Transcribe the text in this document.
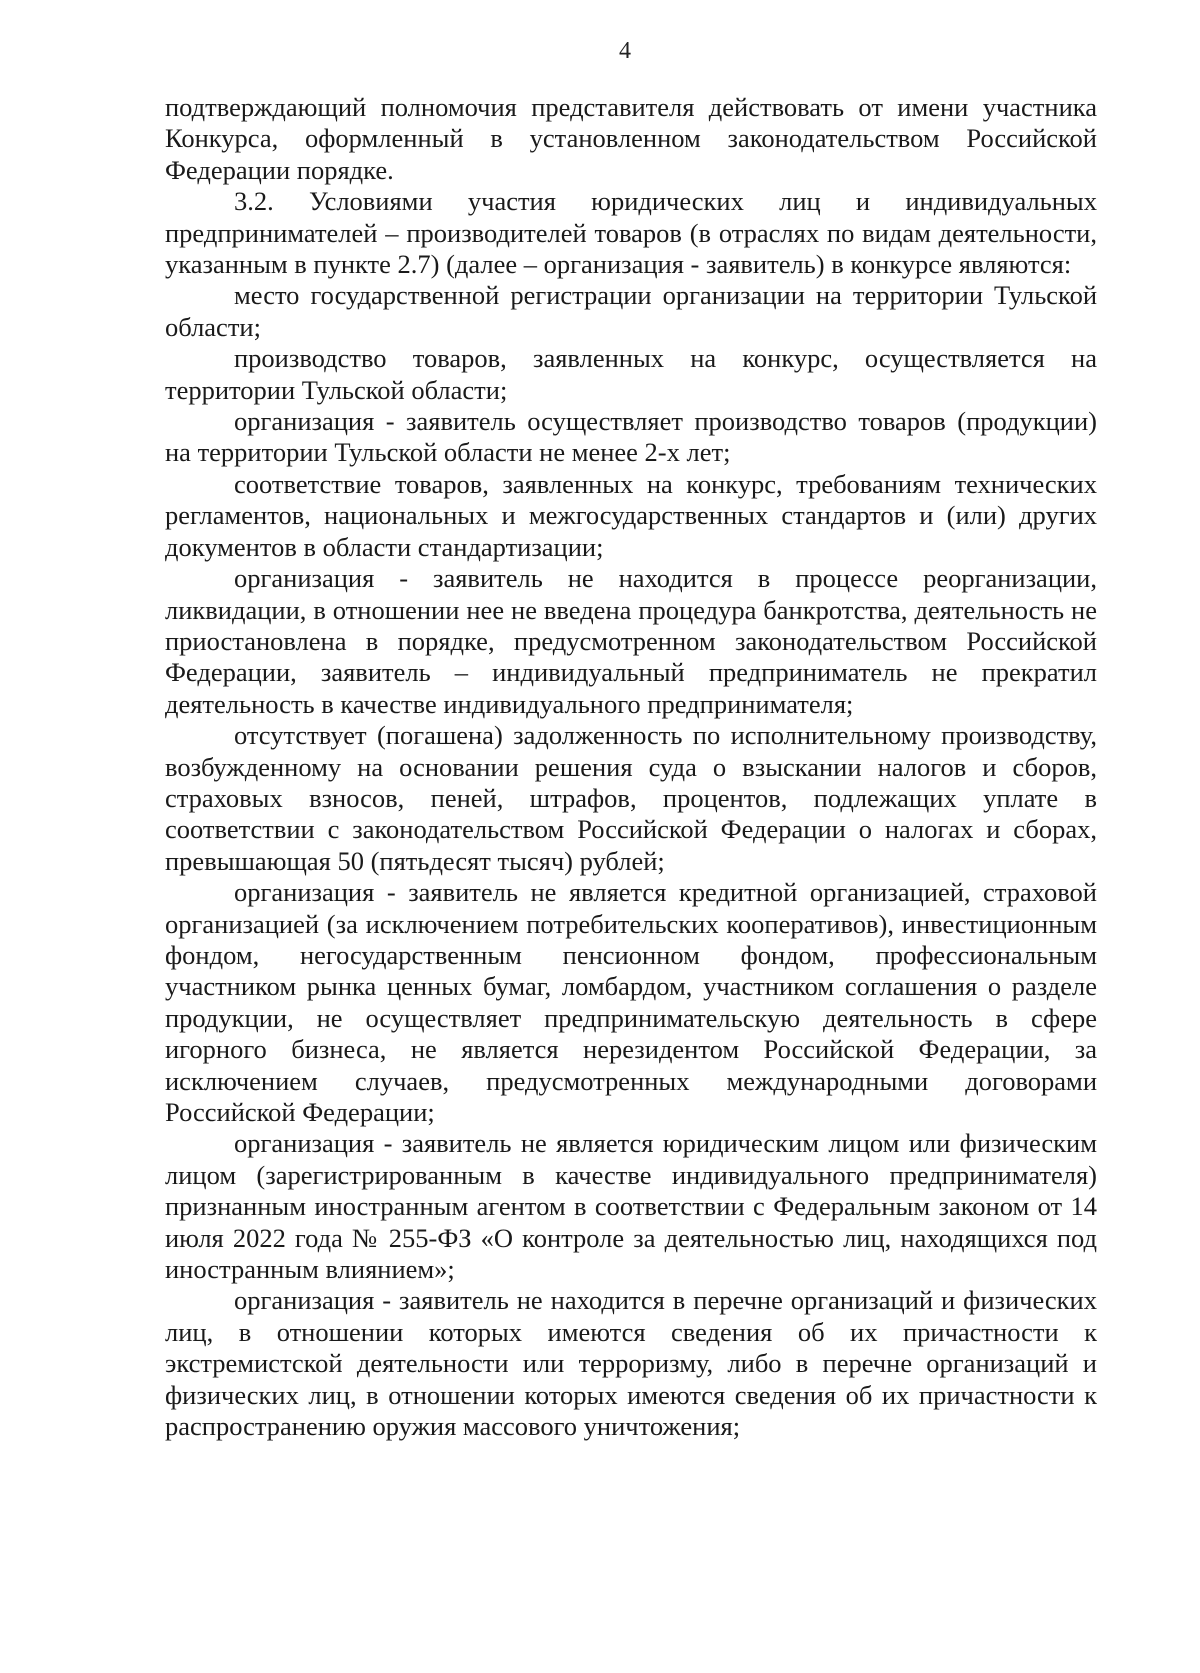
4

подтверждающий полномочия представителя действовать от имени участника Конкурса, оформленный в установленном законодательством Российской Федерации порядке.

3.2. Условиями участия юридических лиц и индивидуальных предпринимателей – производителей товаров (в отраслях по видам деятельности, указанным в пункте 2.7) (далее – организация - заявитель) в конкурсе являются:

место государственной регистрации организации на территории Тульской области;

производство товаров, заявленных на конкурс, осуществляется на территории Тульской области;

организация - заявитель осуществляет производство товаров (продукции) на территории Тульской области не менее 2-х лет;

соответствие товаров, заявленных на конкурс, требованиям технических регламентов, национальных и межгосударственных стандартов и (или) других документов в области стандартизации;

организация - заявитель не находится в процессе реорганизации, ликвидации, в отношении нее не введена процедура банкротства, деятельность не приостановлена в порядке, предусмотренном законодательством Российской Федерации, заявитель – индивидуальный предприниматель не прекратил деятельность в качестве индивидуального предпринимателя;

отсутствует (погашена) задолженность по исполнительному производству, возбужденному на основании решения суда о взыскании налогов и сборов, страховых взносов, пеней, штрафов, процентов, подлежащих уплате в соответствии с законодательством Российской Федерации о налогах и сборах, превышающая 50 (пятьдесят тысяч) рублей;

организация - заявитель не является кредитной организацией, страховой организацией (за исключением потребительских кооперативов), инвестиционным фондом, негосударственным пенсионном фондом, профессиональным участником рынка ценных бумаг, ломбардом, участником соглашения о разделе продукции, не осуществляет предпринимательскую деятельность в сфере игорного бизнеса, не является нерезидентом Российской Федерации, за исключением случаев, предусмотренных международными договорами Российской Федерации;

организация - заявитель не является юридическим лицом или физическим лицом (зарегистрированным в качестве индивидуального предпринимателя) признанным иностранным агентом в соответствии с Федеральным законом от 14 июля 2022 года № 255-ФЗ «О контроле за деятельностью лиц, находящихся под иностранным влиянием»;

организация - заявитель не находится в перечне организаций и физических лиц, в отношении которых имеются сведения об их причастности к экстремистской деятельности или терроризму, либо в перечне организаций и физических лиц, в отношении которых имеются сведения об их причастности к распространению оружия массового уничтожения;
